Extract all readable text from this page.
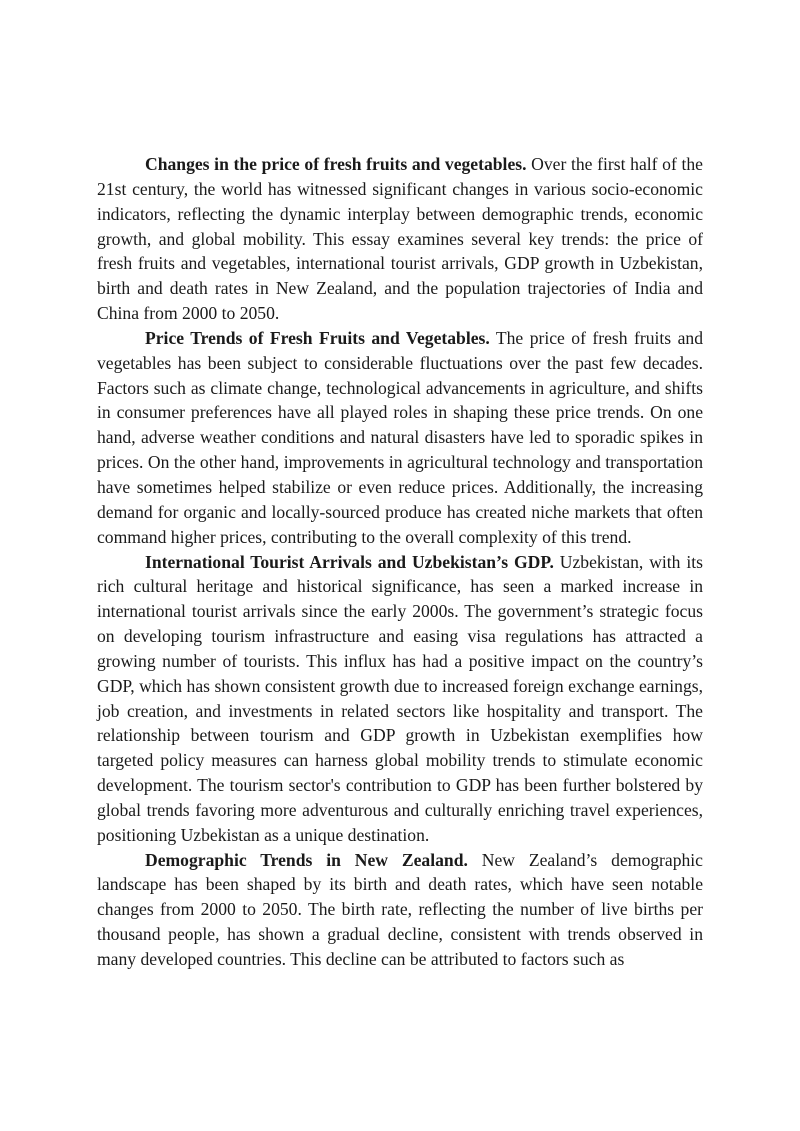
Changes in the price of fresh fruits and vegetables. Over the first half of the 21st century, the world has witnessed significant changes in various socio-economic indicators, reflecting the dynamic interplay between demographic trends, economic growth, and global mobility. This essay examines several key trends: the price of fresh fruits and vegetables, international tourist arrivals, GDP growth in Uzbekistan, birth and death rates in New Zealand, and the population trajectories of India and China from 2000 to 2050.

Price Trends of Fresh Fruits and Vegetables. The price of fresh fruits and vegetables has been subject to considerable fluctuations over the past few decades. Factors such as climate change, technological advancements in agriculture, and shifts in consumer preferences have all played roles in shaping these price trends. On one hand, adverse weather conditions and natural disasters have led to sporadic spikes in prices. On the other hand, improvements in agricultural technology and transportation have sometimes helped stabilize or even reduce prices. Additionally, the increasing demand for organic and locally-sourced produce has created niche markets that often command higher prices, contributing to the overall complexity of this trend.

International Tourist Arrivals and Uzbekistan’s GDP. Uzbekistan, with its rich cultural heritage and historical significance, has seen a marked increase in international tourist arrivals since the early 2000s. The government’s strategic focus on developing tourism infrastructure and easing visa regulations has attracted a growing number of tourists. This influx has had a positive impact on the country’s GDP, which has shown consistent growth due to increased foreign exchange earnings, job creation, and investments in related sectors like hospitality and transport. The relationship between tourism and GDP growth in Uzbekistan exemplifies how targeted policy measures can harness global mobility trends to stimulate economic development. The tourism sector's contribution to GDP has been further bolstered by global trends favoring more adventurous and culturally enriching travel experiences, positioning Uzbekistan as a unique destination.

Demographic Trends in New Zealand. New Zealand’s demographic landscape has been shaped by its birth and death rates, which have seen notable changes from 2000 to 2050. The birth rate, reflecting the number of live births per thousand people, has shown a gradual decline, consistent with trends observed in many developed countries. This decline can be attributed to factors such as
